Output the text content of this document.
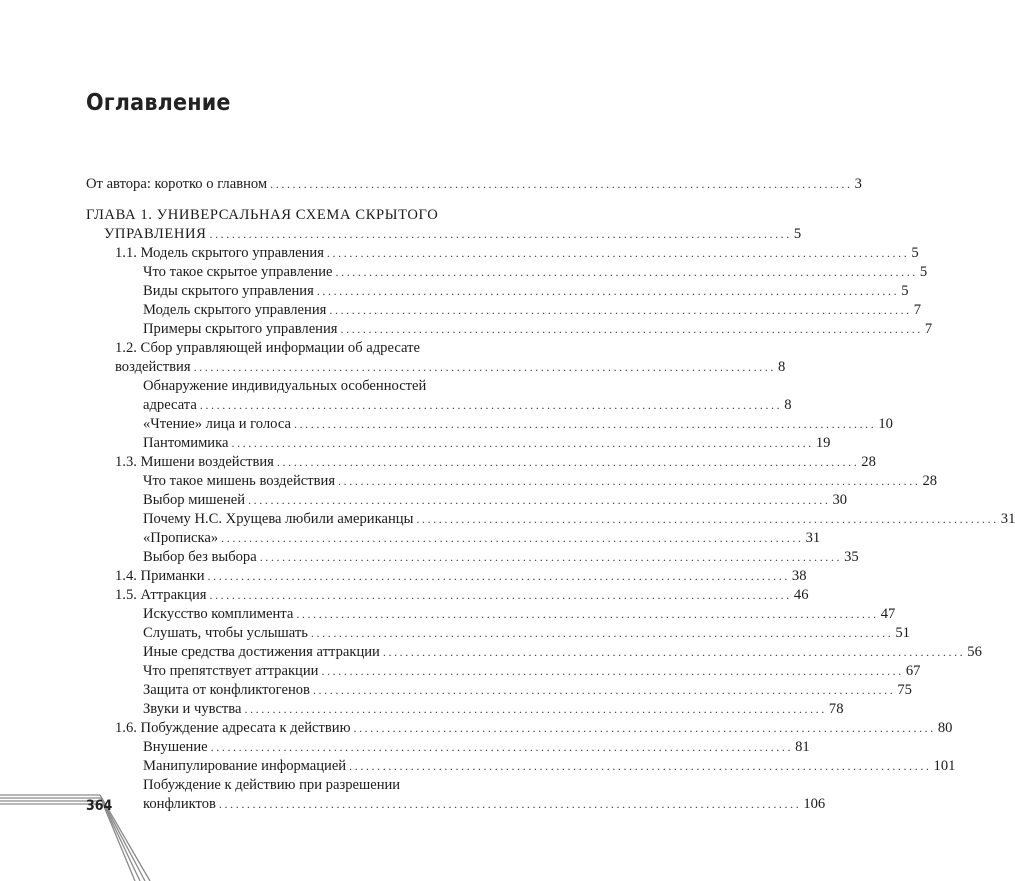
Оглавление
От автора: коротко о главном ........................................................................................................ 3
ГЛАВА 1. УНИВЕРСАЛЬНАЯ СХЕМА СКРЫТОГО
УПРАВЛЕНИЯ ........................................................................................................ 5
1.1. Модель скрытого управления ........................................................................................................ 5
Что такое скрытое управление ........................................................................................................ 5
Виды скрытого управления ........................................................................................................ 5
Модель скрытого управления ........................................................................................................ 7
Примеры скрытого управления ........................................................................................................ 7
1.2. Сбор управляющей информации об адресате
воздействия ........................................................................................................ 8
Обнаружение индивидуальных особенностей
адресата ........................................................................................................ 8
«Чтение» лица и голоса ........................................................................................................ 10
Пантомимика ........................................................................................................ 19
1.3. Мишени воздействия ........................................................................................................ 28
Что такое мишень воздействия ........................................................................................................ 28
Выбор мишеней ........................................................................................................ 30
Почему Н.С. Хрущева любили американцы ........................................................................................................ 31
«Прописка» ........................................................................................................ 31
Выбор без выбора ........................................................................................................ 35
1.4. Приманки ........................................................................................................ 38
1.5. Аттракция ........................................................................................................ 46
Искусство комплимента ........................................................................................................ 47
Слушать, чтобы услышать ........................................................................................................ 51
Иные средства достижения аттракции ........................................................................................................ 56
Что препятствует аттракции ........................................................................................................ 67
Защита от конфликтогенов ........................................................................................................ 75
Звуки и чувства ........................................................................................................ 78
1.6. Побуждение адресата к действию ........................................................................................................ 80
Внушение ........................................................................................................ 81
Манипулирование информацией ........................................................................................................ 101
Побуждение к действию при разрешении
конфликтов ........................................................................................................ 106
364
